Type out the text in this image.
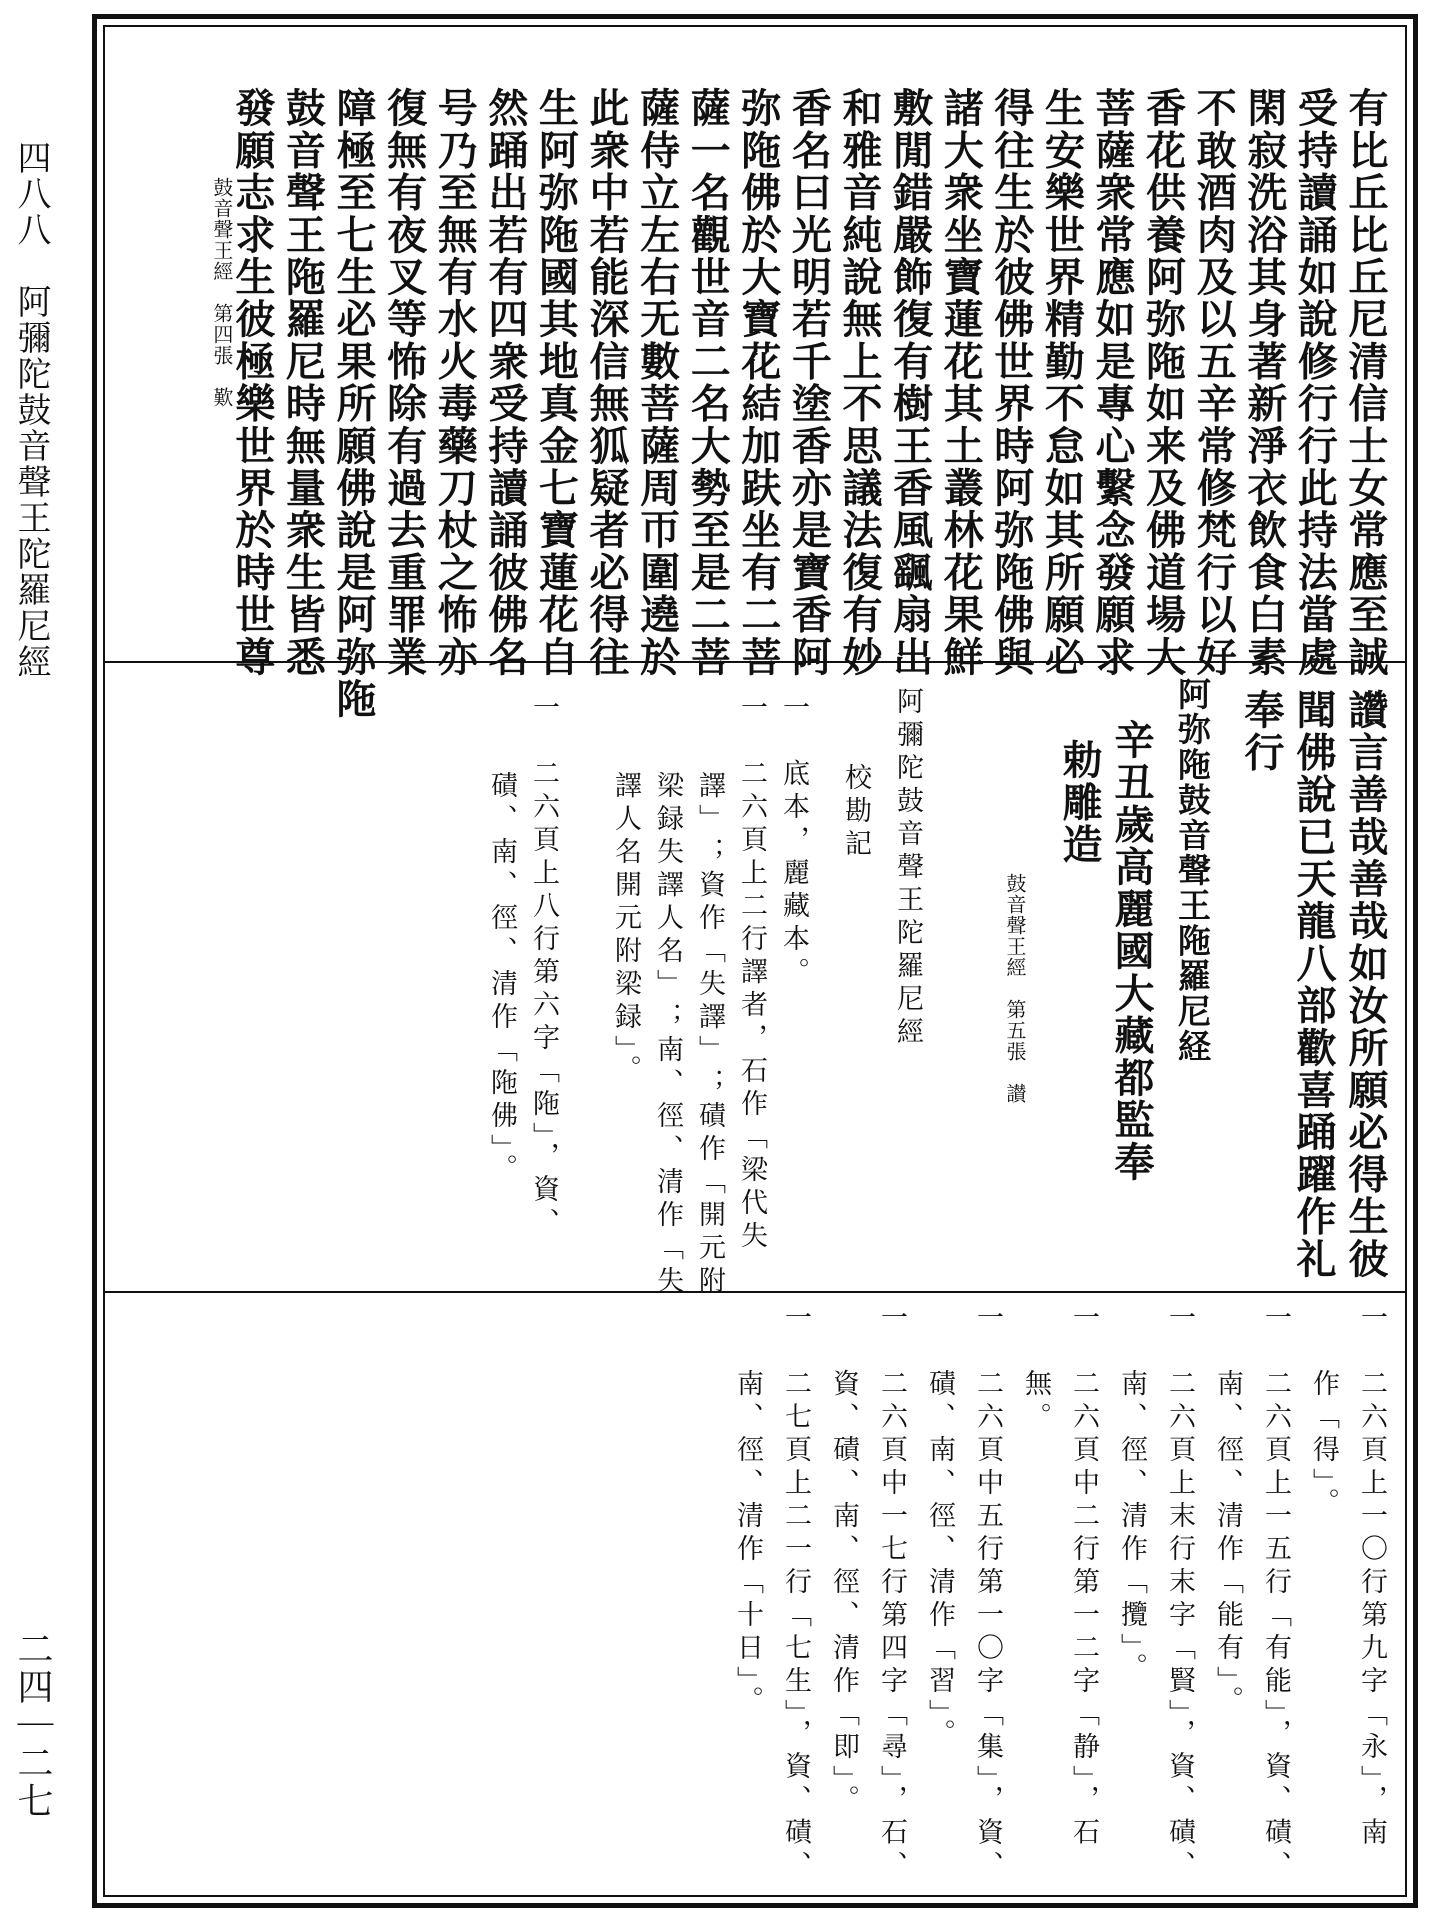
四八八　阿彌陀鼓音聲王陀羅尼經
二四｜二七
有比丘比丘尼清信士女常應至誠
受持讀誦如說修行行此持法當處
閑寂洗浴其身著新淨衣飲食白素
不敢酒肉及以五辛常修梵行以好
香花供養阿弥陁如来及佛道場大
菩薩衆常應如是專心繫念發願求
生安樂世界精勤不怠如其所願必
得往生於彼佛世界時阿弥陁佛與
諸大衆坐寶蓮花其土叢林花果鮮
敷閒錯嚴飾復有樹王香風颻扇出
和雅音純說無上不思議法復有妙
香名曰光明若千塗香亦是寶香阿
弥陁佛於大寶花結加趺坐有二菩
薩一名觀世音二名大勢至是二菩
薩侍立左右无數菩薩周帀圍遶於
此衆中若能深信無狐疑者必得往
生阿弥陁國其地真金七寶蓮花自
然踊出若有四衆受持讀誦彼佛名
号乃至無有水火毒藥刀杖之怖亦
復無有夜叉等怖除有過去重罪業
障極至七生必果所願佛說是阿弥陁
鼓音聲王陁羅尼時無量衆生皆悉
發願志求生彼極樂世界於時世尊
鼓音聲王經　第四張　歎
讚言善哉善哉如汝所願必得生彼
聞佛說已天龍八部歡喜踊躍作礼
奉行
阿弥陁鼓音聲王陁羅尼経
辛丑歲高麗國大藏都監奉
勅雕造
鼓音聲王經　第五張　讃
阿彌陀鼓音聲王陀羅尼經
校勘記
一　底本，麗藏本。
一　二六頁上二行譯者，石作「梁代失
譯」；資作「失譯」；磧作「開元附
梁録失譯人名」；南、徑、清作「失
譯人名開元附梁録」。
一　二六頁上八行第六字「陁」，資、
磧、南、徑、清作「陁佛」。
一　二六頁上一〇行第九字「永」，南
作「得」。
一　二六頁上一五行「有能」，資、磧、
南、徑、清作「能有」。
一　二六頁上末行末字「賢」，資、磧、
南、徑、清作「攬」。
一　二六頁中二行第一二字「静」，石
無。
一　二六頁中五行第一〇字「集」，資、
磧、南、徑、清作「習」。
一　二六頁中一七行第四字「尋」，石、
資、磧、南、徑、清作「即」。
一　二七頁上二一行「七生」，資、磧、
南、徑、清作「十日」。
